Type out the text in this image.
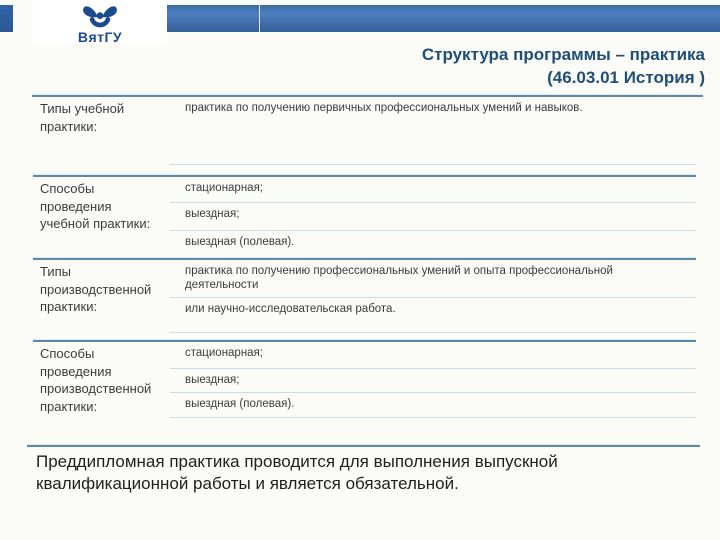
ВятГУ
Структура программы – практика
(46.03.01 История )
Типы учебной практики:
практика по получению первичных профессиональных умений и навыков.
Способы проведения учебной практики:
стационарная;
выездная;
выездная (полевая).
Типы производственной практики:
практика по получению профессиональных умений и опыта профессиональной деятельности
или научно-исследовательская работа.
Способы проведения производственной практики:
стационарная;
выездная;
выездная (полевая).
Преддипломная практика проводится для выполнения выпускной квалификационной работы и является обязательной.
